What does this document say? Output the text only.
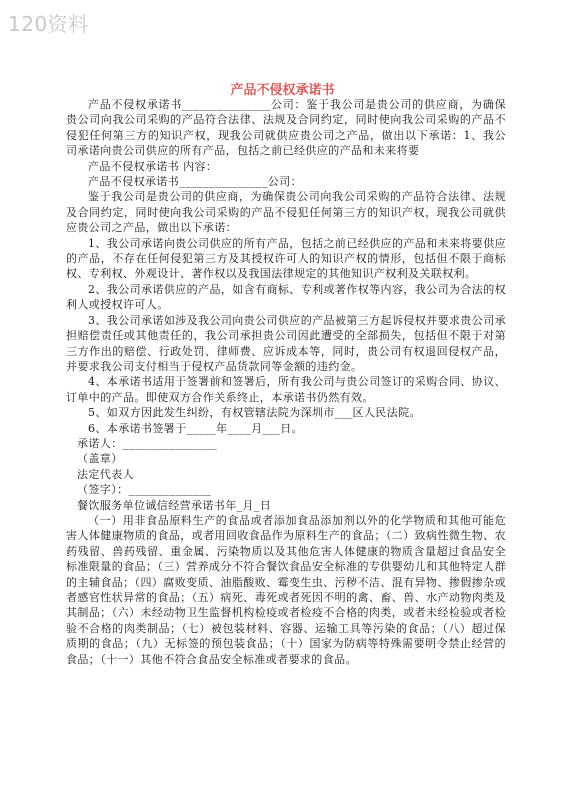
120资料
产品不侵权承诺书

产品不侵权承诺书_______________公司：鉴于我公司是贵公司的供应商，为确保贵公司向我公司采购的产品符合法律、法规及合同约定，同时使向我公司采购的产品不侵犯任何第三方的知识产权，现我公司就供应贵公司之产品，做出以下承诺：1、我公司承诺向贵公司供应的所有产品，包括之前已经供应的产品和未来将要

产品不侵权承诺书 内容：

产品不侵权承诺书_______________公司：

鉴于我公司是贵公司的供应商，为确保贵公司向我公司采购的产品符合法律、法规及合同约定，同时使向我公司采购的产品不侵犯任何第三方的知识产权，现我公司就供应贵公司之产品，做出以下承诺：

1、我公司承诺向贵公司供应的所有产品，包括之前已经供应的产品和未来将要供应的产品，不存在任何侵犯第三方及其授权许可人的知识产权的情形，包括但不限于商标权、专利权、外观设计、著作权以及我国法律规定的其他知识产权利及关联权利。

2、我公司承诺供应的产品，如含有商标、专利或著作权等内容，我公司为合法的权利人或授权许可人。

3、我公司承诺如涉及我公司向贵公司供应的产品被第三方起诉侵权并要求贵公司承担赔偿责任或其他责任的，我公司承担贵公司因此遭受的全部损失，包括但不限于对第三方作出的赔偿、行政处罚、律师费、应诉成本等，同时，贵公司有权退回侵权产品，并要求我公司支付相当于侵权产品货款同等金额的违约金。

4、本承诺书适用于签署前和签署后，所有我公司与贵公司签订的采购合同、协议、订单中的产品。即使双方合作关系终止，本承诺书仍然有效。

5、如双方因此发生纠纷，有权管辖法院为深圳市___区人民法院。

6、本承诺书签署于_____年____月___日。

承诺人：________________

（盖章）

法定代表人

（签字）：______________

餐饮服务单位诚信经营承诺书年_月_日

（一）用非食品原料生产的食品或者添加食品添加剂以外的化学物质和其他可能危害人体健康物质的食品，或者用回收食品作为原料生产的食品；（二）致病性微生物、农药残留、兽药残留、重金属、污染物质以及其他危害人体健康的物质含量超过食品安全标准限量的食品；（三）营养成分不符合餐饮食品安全标准的专供婴幼儿和其他特定人群的主辅食品；（四）腐败变质、油脂酸败、霉变生虫、污秽不洁、混有异物、掺假掺杂或者感官性状异常的食品；（五）病死、毒死或者死因不明的禽、畜、兽、水产动物肉类及其制品；（六）未经动物卫生监督机构检疫或者检疫不合格的肉类，或者未经检验或者检验不合格的肉类制品；（七）被包装材料、容器、运输工具等污染的食品；（八）超过保质期的食品；（九）无标签的预包装食品；（十）国家为防病等特殊需要明令禁止经营的食品；（十一）其他不符合食品安全标准或者要求的食品。
